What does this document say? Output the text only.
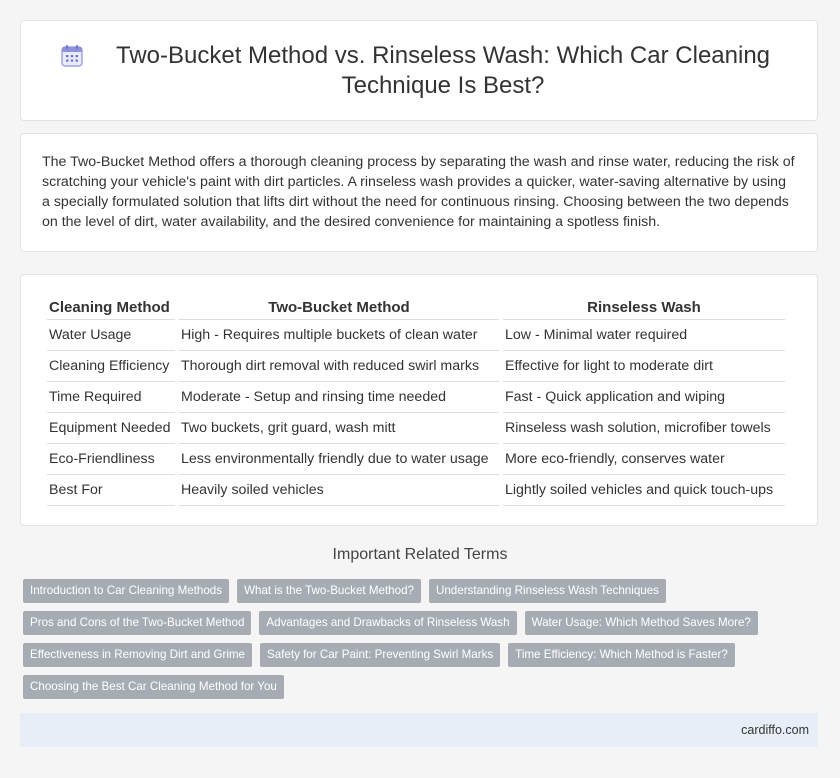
Two-Bucket Method vs. Rinseless Wash: Which Car Cleaning Technique Is Best?

The Two-Bucket Method offers a thorough cleaning process by separating the wash and rinse water, reducing the risk of scratching your vehicle's paint with dirt particles. A rinseless wash provides a quicker, water-saving alternative by using a specially formulated solution that lifts dirt without the need for continuous rinsing. Choosing between the two depends on the level of dirt, water availability, and the desired convenience for maintaining a spotless finish.

Cleaning Method	Two-Bucket Method	Rinseless Wash
Water Usage	High - Requires multiple buckets of clean water	Low - Minimal water required
Cleaning Efficiency	Thorough dirt removal with reduced swirl marks	Effective for light to moderate dirt
Time Required	Moderate - Setup and rinsing time needed	Fast - Quick application and wiping
Equipment Needed	Two buckets, grit guard, wash mitt	Rinseless wash solution, microfiber towels
Eco-Friendliness	Less environmentally friendly due to water usage	More eco-friendly, conserves water
Best For	Heavily soiled vehicles	Lightly soiled vehicles and quick touch-ups
Important Related Terms
Introduction to Car Cleaning Methods	What is the Two-Bucket Method?	Understanding Rinseless Wash Techniques
Pros and Cons of the Two-Bucket Method	Advantages and Drawbacks of Rinseless Wash	Water Usage: Which Method Saves More?
Effectiveness in Removing Dirt and Grime	Safety for Car Paint: Preventing Swirl Marks	Time Efficiency: Which Method is Faster?
Choosing the Best Car Cleaning Method for You
cardiffo.com
